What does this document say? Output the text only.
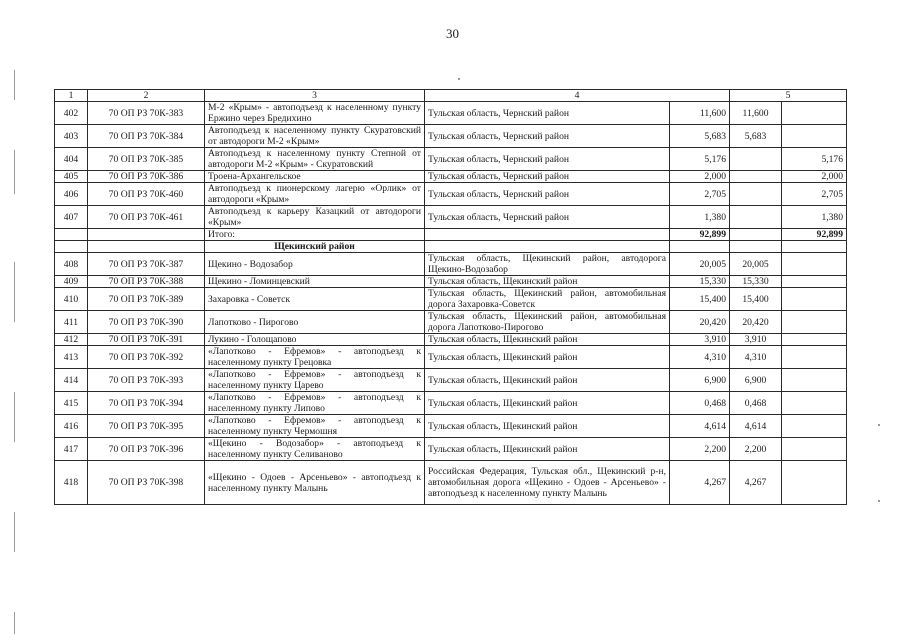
30
1	2	3	4		5	
402	70 ОП РЗ 70К-383	М-2 «Крым» - автоподъезд к населенному пункту Ержино через Бредихино	Тульская область, Чернский район	11,600	11,600	
403	70 ОП РЗ 70К-384	Автоподъезд к населенному пункту Скуратовский от автодороги М-2 «Крым»	Тульская область, Чернский район	5,683	5,683	
404	70 ОП РЗ 70К-385	Автоподъезд к населенному пункту Степной от автодороги М-2 «Крым» - Скуратовский	Тульская область, Чернский район	5,176		5,176
405	70 ОП РЗ 70К-386	Троена-Архангельское	Тульская область, Чернский район	2,000		2,000
406	70 ОП РЗ 70К-460	Автоподъезд к пионерскому лагерю «Орлик» от автодороги «Крым»	Тульская область, Чернский район	2,705		2,705
407	70 ОП РЗ 70К-461	Автоподъезд к карьеру Казацкий от автодороги «Крым»	Тульская область, Чернский район	1,380		1,380
		Итого:		92,899		92,899
		Щекинский район				
408	70 ОП РЗ 70К-387	Щекино - Водозабор	Тульская область, Щекинский район, автодорога Щекино-Водозабор	20,005	20,005	
409	70 ОП РЗ 70К-388	Щекино - Ломинцевский	Тульская область, Щекинский район	15,330	15,330	
410	70 ОП РЗ 70К-389	Захаровка - Советск	Тульская область, Щекинский район, автомобильная дорога Захаровка-Советск	15,400	15,400	
411	70 ОП РЗ 70К-390	Лапотково - Пирогово	Тульская область, Щекинский район, автомобильная дорога Лапотково-Пирогово	20,420	20,420	
412	70 ОП РЗ 70К-391	Лукино - Голощапово	Тульская область, Щекинский район	3,910	3,910	
413	70 ОП РЗ 70К-392	«Лапотково - Ефремов» - автоподъезд к населенному пункту Грецовка	Тульская область, Щекинский район	4,310	4,310	
414	70 ОП РЗ 70К-393	«Лапотково - Ефремов» - автоподъезд к населенному пункту Царево	Тульская область, Щекинский район	6,900	6,900	
415	70 ОП РЗ 70К-394	«Лапотково - Ефремов» - автоподъезд к населенному пункту Липово	Тульская область, Щекинский район	0,468	0,468	
416	70 ОП РЗ 70К-395	«Лапотково - Ефремов» - автоподъезд к населенному пункту Чермошня	Тульская область, Щекинский район	4,614	4,614	
417	70 ОП РЗ 70К-396	«Щекино - Водозабор» - автоподъезд к населенному пункту Селиваново	Тульская область, Щекинский район	2,200	2,200	
418	70 ОП РЗ 70К-398	«Щекино - Одоев - Арсеньево» - автоподъезд к населенному пункту Малынь	Российская Федерация, Тульская обл., Щекинский р-н, автомобильная дорога «Щекино - Одоев - Арсеньево» - автоподъезд к населенному пункту Малынь	4,267	4,267	
